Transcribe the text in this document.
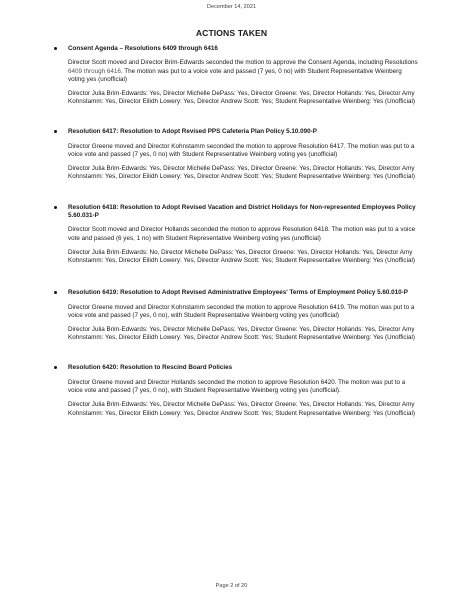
December 14, 2021
ACTIONS TAKEN
Consent Agenda – Resolutions 6409 through 6416
Director Scott moved and Director Brim-Edwards seconded the motion to approve the Consent Agenda, including Resolutions 6409 through 6416. The motion was put to a voice vote and passed (7 yes, 0 no) with Student Representative Weinberg voting yes (unofficial)
Director Julia Brim-Edwards: Yes, Director Michelle DePass: Yes, Director Greene: Yes, Director Hollands: Yes, Director Amy Kohnstamm: Yes, Director Eilidh Lowery: Yes, Director Andrew Scott: Yes; Student Representative Weinberg: Yes (Unofficial)
Resolution 6417: Resolution to Adopt Revised PPS Cafeteria Plan Policy 5.10.090-P
Director Greene moved and Director Kohnstamm seconded the motion to approve Resolution 6417. The motion was put to a voice vote and passed (7 yes, 0 no) with Student Representative Weinberg voting yes (unofficial)
Director Julia Brim-Edwards: Yes, Director Michelle DePass: Yes, Director Greene: Yes, Director Hollands: Yes, Director Amy Kohnstamm: Yes, Director Eilidh Lowery: Yes, Director Andrew Scott: Yes; Student Representative Weinberg: Yes (Unofficial)
Resolution 6418: Resolution to Adopt Revised Vacation and District Holidays for Non-represented Employees Policy 5.60.031-P
Director Scott moved and Director Hollands seconded the motion to approve Resolution 6418. The motion was put to a voice vote and passed (6 yes, 1 no) with Student Representative Weinberg voting yes (unofficial)
Director Julia Brim-Edwards: No, Director Michelle DePass: Yes, Director Greene: Yes, Director Hollands: Yes, Director Amy Kohnstamm: Yes, Director Eilidh Lowery: Yes, Director Andrew Scott: Yes; Student Representative Weinberg: Yes (Unofficial)
Resolution 6419: Resolution to Adopt Revised Administrative Employees' Terms of Employment Policy 5.60.010-P
Director Greene moved and Director Kohnstamm seconded the motion to approve Resolution 6419. The motion was put to a voice vote and passed (7 yes, 0 no), with Student Representative Weinberg voting yes (unofficial)
Director Julia Brim-Edwards: Yes, Director Michelle DePass: Yes, Director Greene: Yes, Director Hollands: Yes, Director Amy Kohnstamm: Yes, Director Eilidh Lowery: Yes, Director Andrew Scott: Yes; Student Representative Weinberg: Yes (Unofficial)
Resolution 6420: Resolution to Rescind Board Policies
Director Greene moved and Director Hollands seconded the motion to approve Resolution 6420. The motion was put to a voice vote and passed (7 yes, 0 no), with Student Representative Weinberg voting yes (unofficial).
Director Julia Brim-Edwards: Yes, Director Michelle DePass: Yes, Director Greene: Yes, Director Hollands: Yes, Director Amy Kohnstamm: Yes, Director Eilidh Lowery: Yes, Director Andrew Scott: Yes; Student Representative Weinberg: Yes (Unofficial)
Page 2 of 20
